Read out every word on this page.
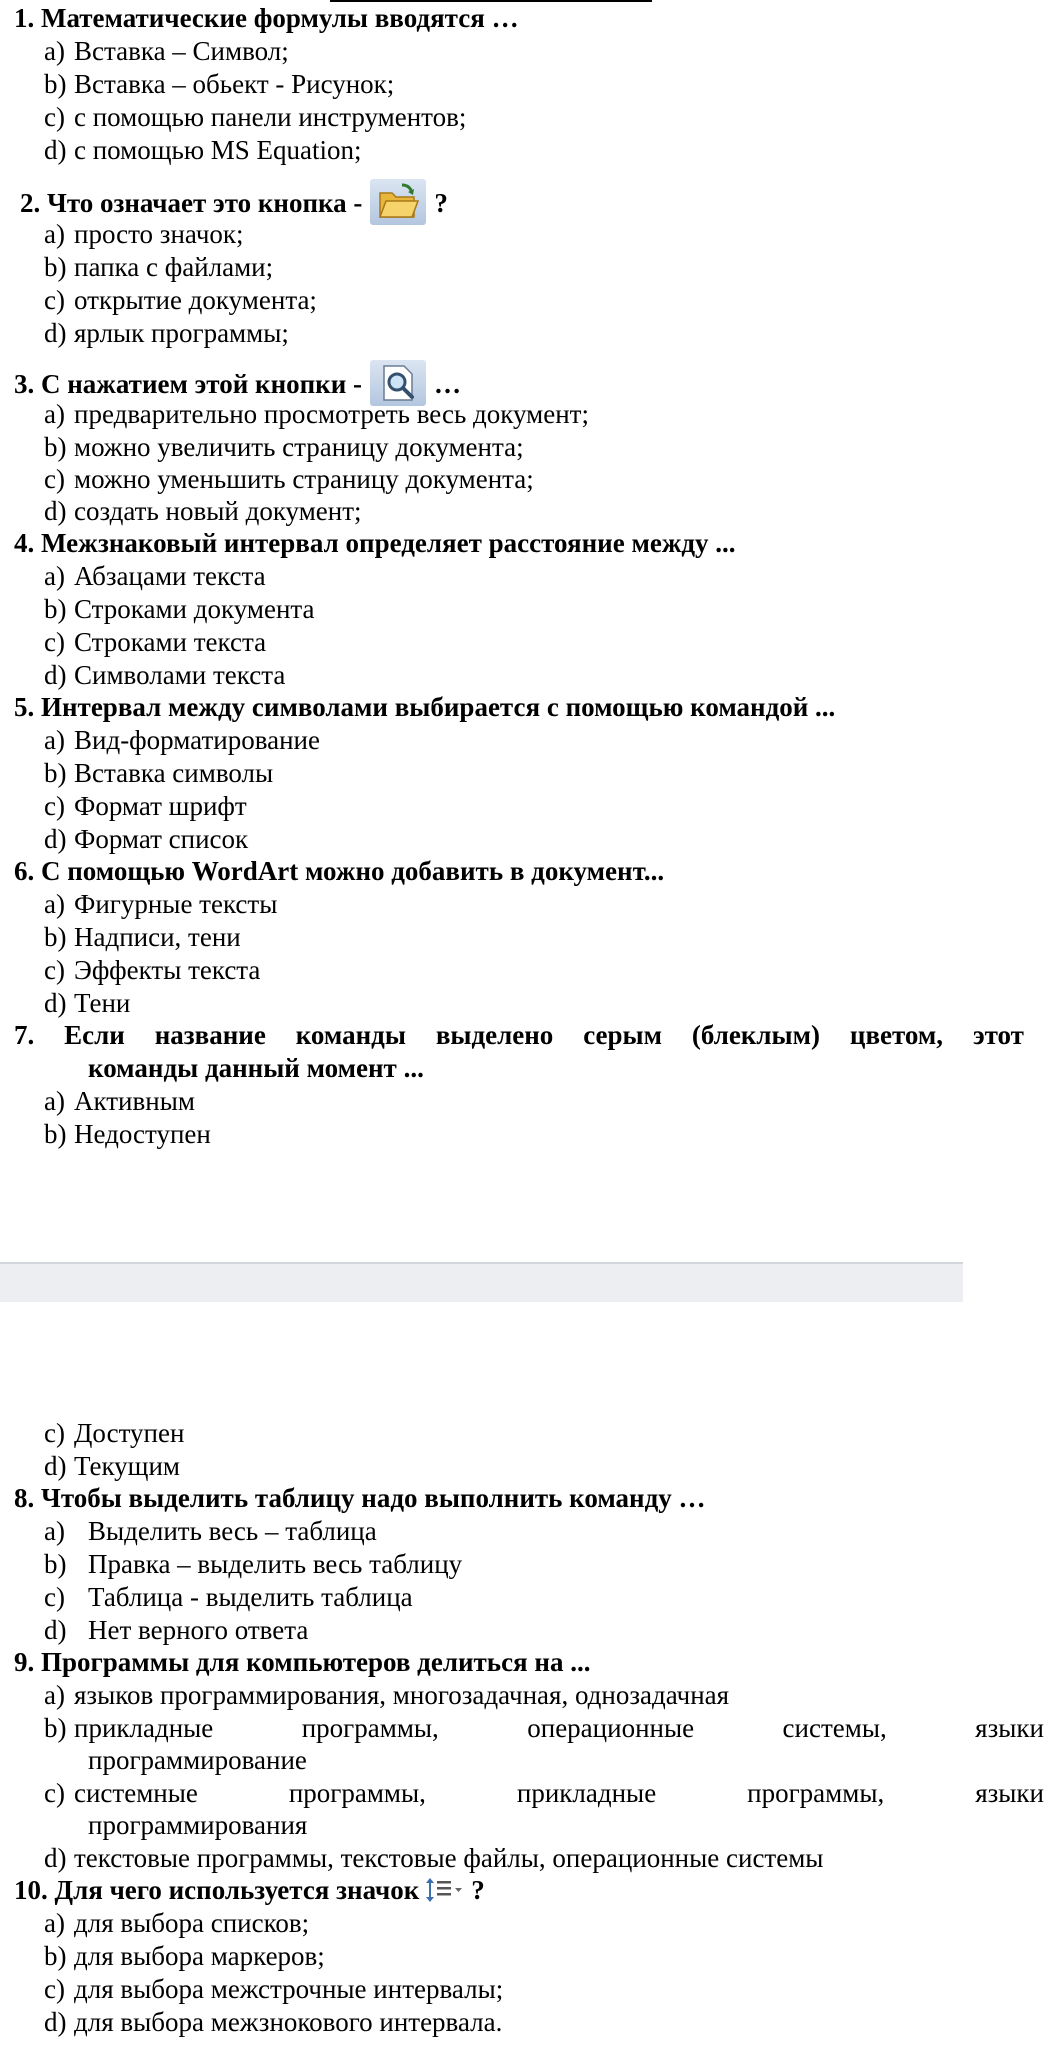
1. Математические формулы вводятся …
a) Вставка – Символ;
b) Вставка – обьект - Рисунок;
c) с помощью панели инструментов;
d) с помощью MS Equation;
2. Что означает это кнопка -	?
a) просто значок;
b) папка с файлами;
c) открытие документа;
d) ярлык программы;
3. С нажатием этой кнопки -	…
a) предварительно просмотреть весь документ;
b) можно увеличить страницу документа;
c) можно уменьшить страницу документа;
d) создать новый документ;
4. Межзнаковый интервал определяет расстояние между ...
a) Абзацами текста
b) Строками документа
c) Строками текста
d) Символами текста
5. Интервал между символами выбирается с помощью командой ...
a) Вид-форматирование
b) Вставка символы
c) Формат шрифт
d) Формат список
6. С помощью WordArt можно добавить в документ...
a) Фигурные тексты
b) Надписи, тени
c) Эффекты текста
d) Тени
7. Если название команды выделено серым (блеклым) цветом, этот
команды данный момент ...
a) Активным
b) Недоступен
c) Доступен
d) Текущим
8. Чтобы выделить таблицу надо выполнить команду …
a) Выделить весь – таблица
b) Правка – выделить весь таблицу
c) Таблица - выделить таблица
d) Нет верного ответа
9. Программы для компьютеров делиться на ...
a) языков программирования, многозадачная, однозадачная
b) прикладные	программы,	операционные	системы,	языки
программирование
c) системные	программы,	прикладные	программы,	языки
программирования
d) текстовые программы, текстовые файлы, операционные системы
10. Для чего используется значок ?
a) для выбора списков;
b) для выбора маркеров;
c) для выбора межстрочные интервалы;
d) для выбора межзнокового интервала.
